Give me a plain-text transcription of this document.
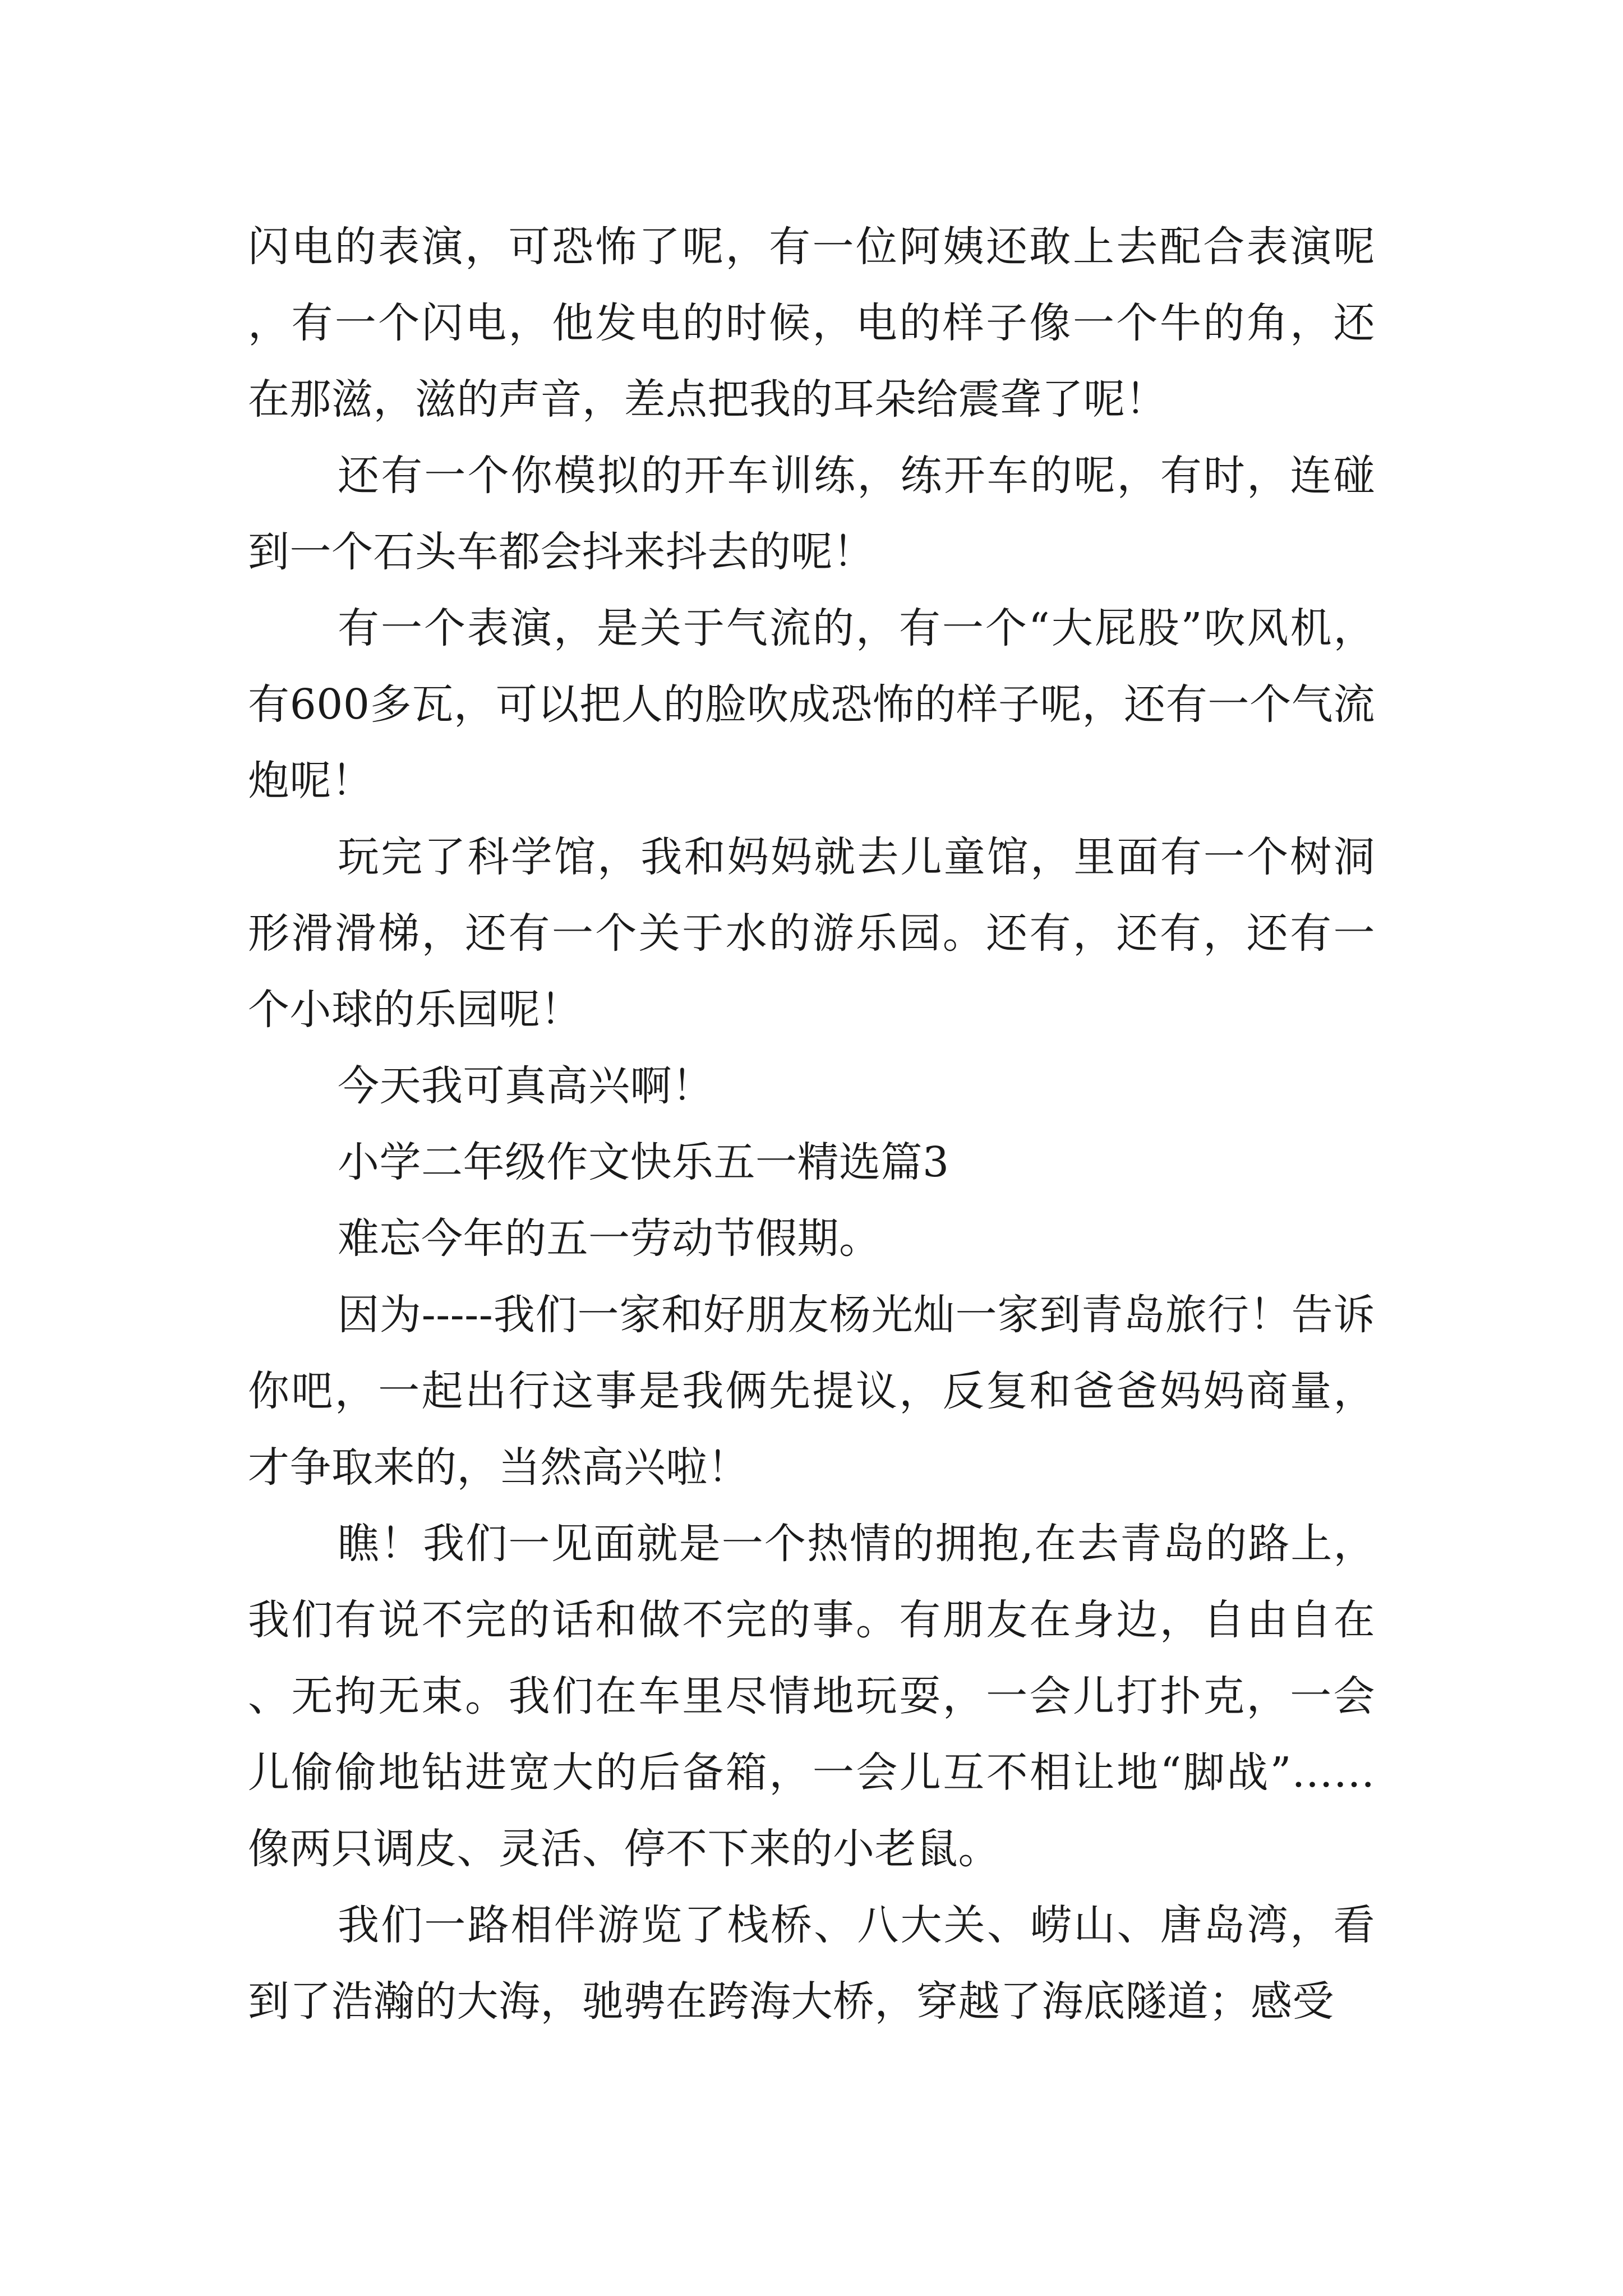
闪电的表演，可恐怖了呢，有一位阿姨还敢上去配合表演呢，有一个闪电，他发电的时候，电的样子像一个牛的角，还在那滋，滋的声音，差点把我的耳朵给震聋了呢！

还有一个你模拟的开车训练，练开车的呢，有时，连碰到一个石头车都会抖来抖去的呢！

有一个表演，是关于气流的，有一个“大屁股”吹风机，有600多瓦，可以把人的脸吹成恐怖的样子呢，还有一个气流炮呢！

玩完了科学馆，我和妈妈就去儿童馆，里面有一个树洞形滑滑梯，还有一个关于水的游乐园。还有，还有，还有一个小球的乐园呢！

今天我可真高兴啊！

小学二年级作文快乐五一精选篇3

难忘今年的五一劳动节假期。

因为-----我们一家和好朋友杨光灿一家到青岛旅行！告诉你吧，一起出行这事是我俩先提议，反复和爸爸妈妈商量，才争取来的，当然高兴啦！

瞧！我们一见面就是一个热情的拥抱,在去青岛的路上，我们有说不完的话和做不完的事。有朋友在身边，自由自在、无拘无束。我们在车里尽情地玩耍，一会儿打扑克，一会儿偷偷地钻进宽大的后备箱，一会儿互不相让地“脚战”……像两只调皮、灵活、停不下来的小老鼠。

我们一路相伴游览了栈桥、八大关、崂山、唐岛湾，看到了浩瀚的大海，驰骋在跨海大桥，穿越了海底隧道；感受
